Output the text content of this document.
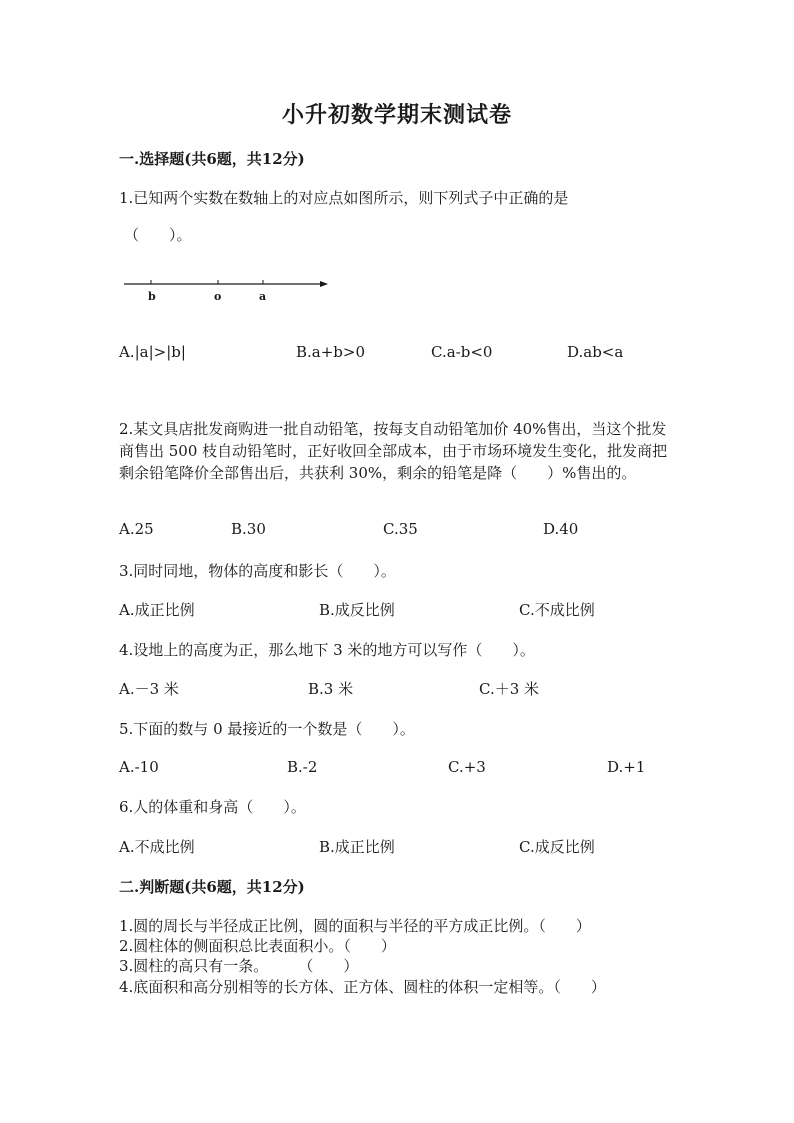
小升初数学期末测试卷
一.选择题(共6题，共12分)
1.已知两个实数在数轴上的对应点如图所示，则下列式子中正确的是
（　　）。
b	o	a
A.|a|>|b|	B.a+b>0	C.a-b<0	D.ab<a
2.某文具店批发商购进一批自动铅笔，按每支自动铅笔加价 40%售出，当这个批发商售出 500 枝自动铅笔时，正好收回全部成本，由于市场环境发生变化，批发商把剩余铅笔降价全部售出后，共获利 30%，剩余的铅笔是降（　　）%售出的。
A.25	B.30	C.35	D.40
3.同时同地，物体的高度和影长（　　）。
A.成正比例	B.成反比例	C.不成比例
4.设地上的高度为正，那么地下 3 米的地方可以写作（　　）。
A.－3 米	B.3 米	C.＋3 米
5.下面的数与 0 最接近的一个数是（　　）。
A.-10	B.-2	C.+3	D.+1
6.人的体重和身高（　　）。
A.不成比例	B.成正比例	C.成反比例
二.判断题(共6题，共12分)
1.圆的周长与半径成正比例，圆的面积与半径的平方成正比例。（　　）
2.圆柱体的侧面积总比表面积小。（　　）
3.圆柱的高只有一条。　　　（　　）
4.底面积和高分别相等的长方体、正方体、圆柱的体积一定相等。（　　）
